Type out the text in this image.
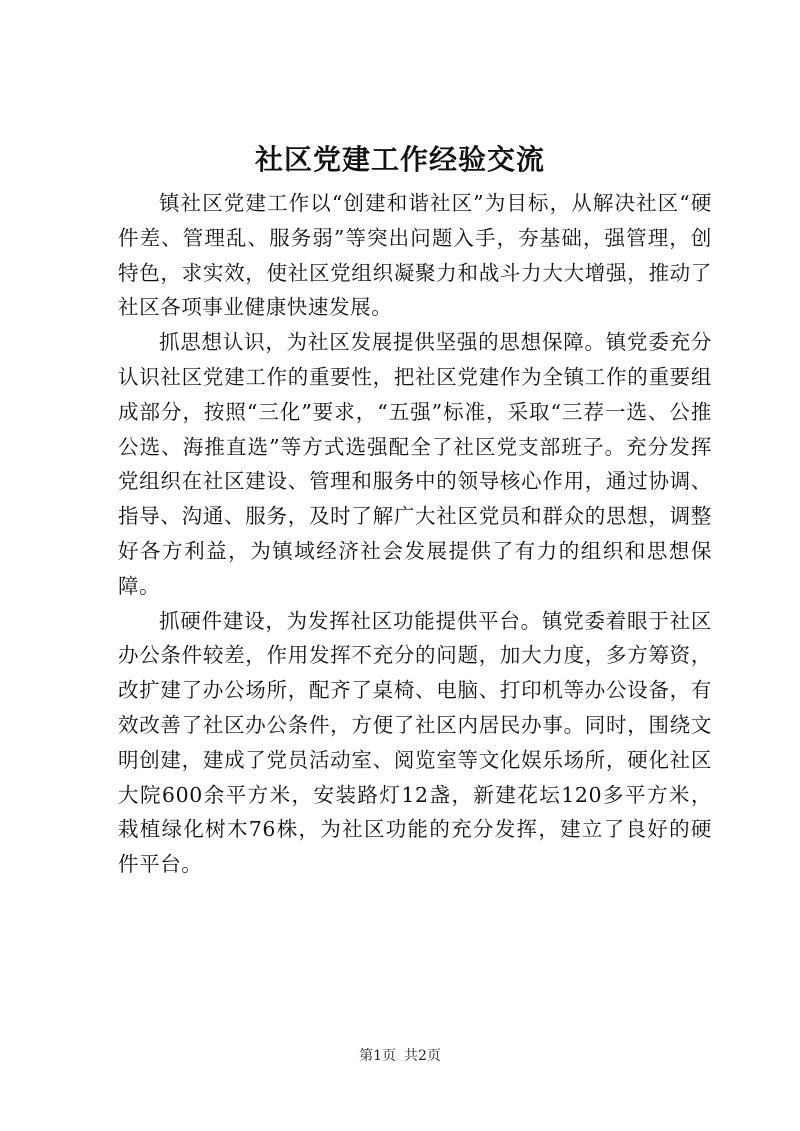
社区党建工作经验交流

镇社区党建工作以“创建和谐社区”为目标，从解决社区“硬件差、管理乱、服务弱”等突出问题入手，夯基础，强管理，创特色，求实效，使社区党组织凝聚力和战斗力大大增强，推动了社区各项事业健康快速发展。

抓思想认识，为社区发展提供坚强的思想保障。镇党委充分认识社区党建工作的重要性，把社区党建作为全镇工作的重要组成部分，按照“三化”要求，“五强”标准，采取“三荐一选、公推公选、海推直选”等方式选强配全了社区党支部班子。充分发挥党组织在社区建设、管理和服务中的领导核心作用，通过协调、指导、沟通、服务，及时了解广大社区党员和群众的思想，调整好各方利益，为镇域经济社会发展提供了有力的组织和思想保障。

抓硬件建设，为发挥社区功能提供平台。镇党委着眼于社区办公条件较差，作用发挥不充分的问题，加大力度，多方筹资，改扩建了办公场所，配齐了桌椅、电脑、打印机等办公设备，有效改善了社区办公条件，方便了社区内居民办事。同时，围绕文明创建，建成了党员活动室、阅览室等文化娱乐场所，硬化社区大院600余平方米，安装路灯12盏，新建花坛120多平方米，栽植绿化树木76株，为社区功能的充分发挥，建立了良好的硬件平台。

第1页 共2页
